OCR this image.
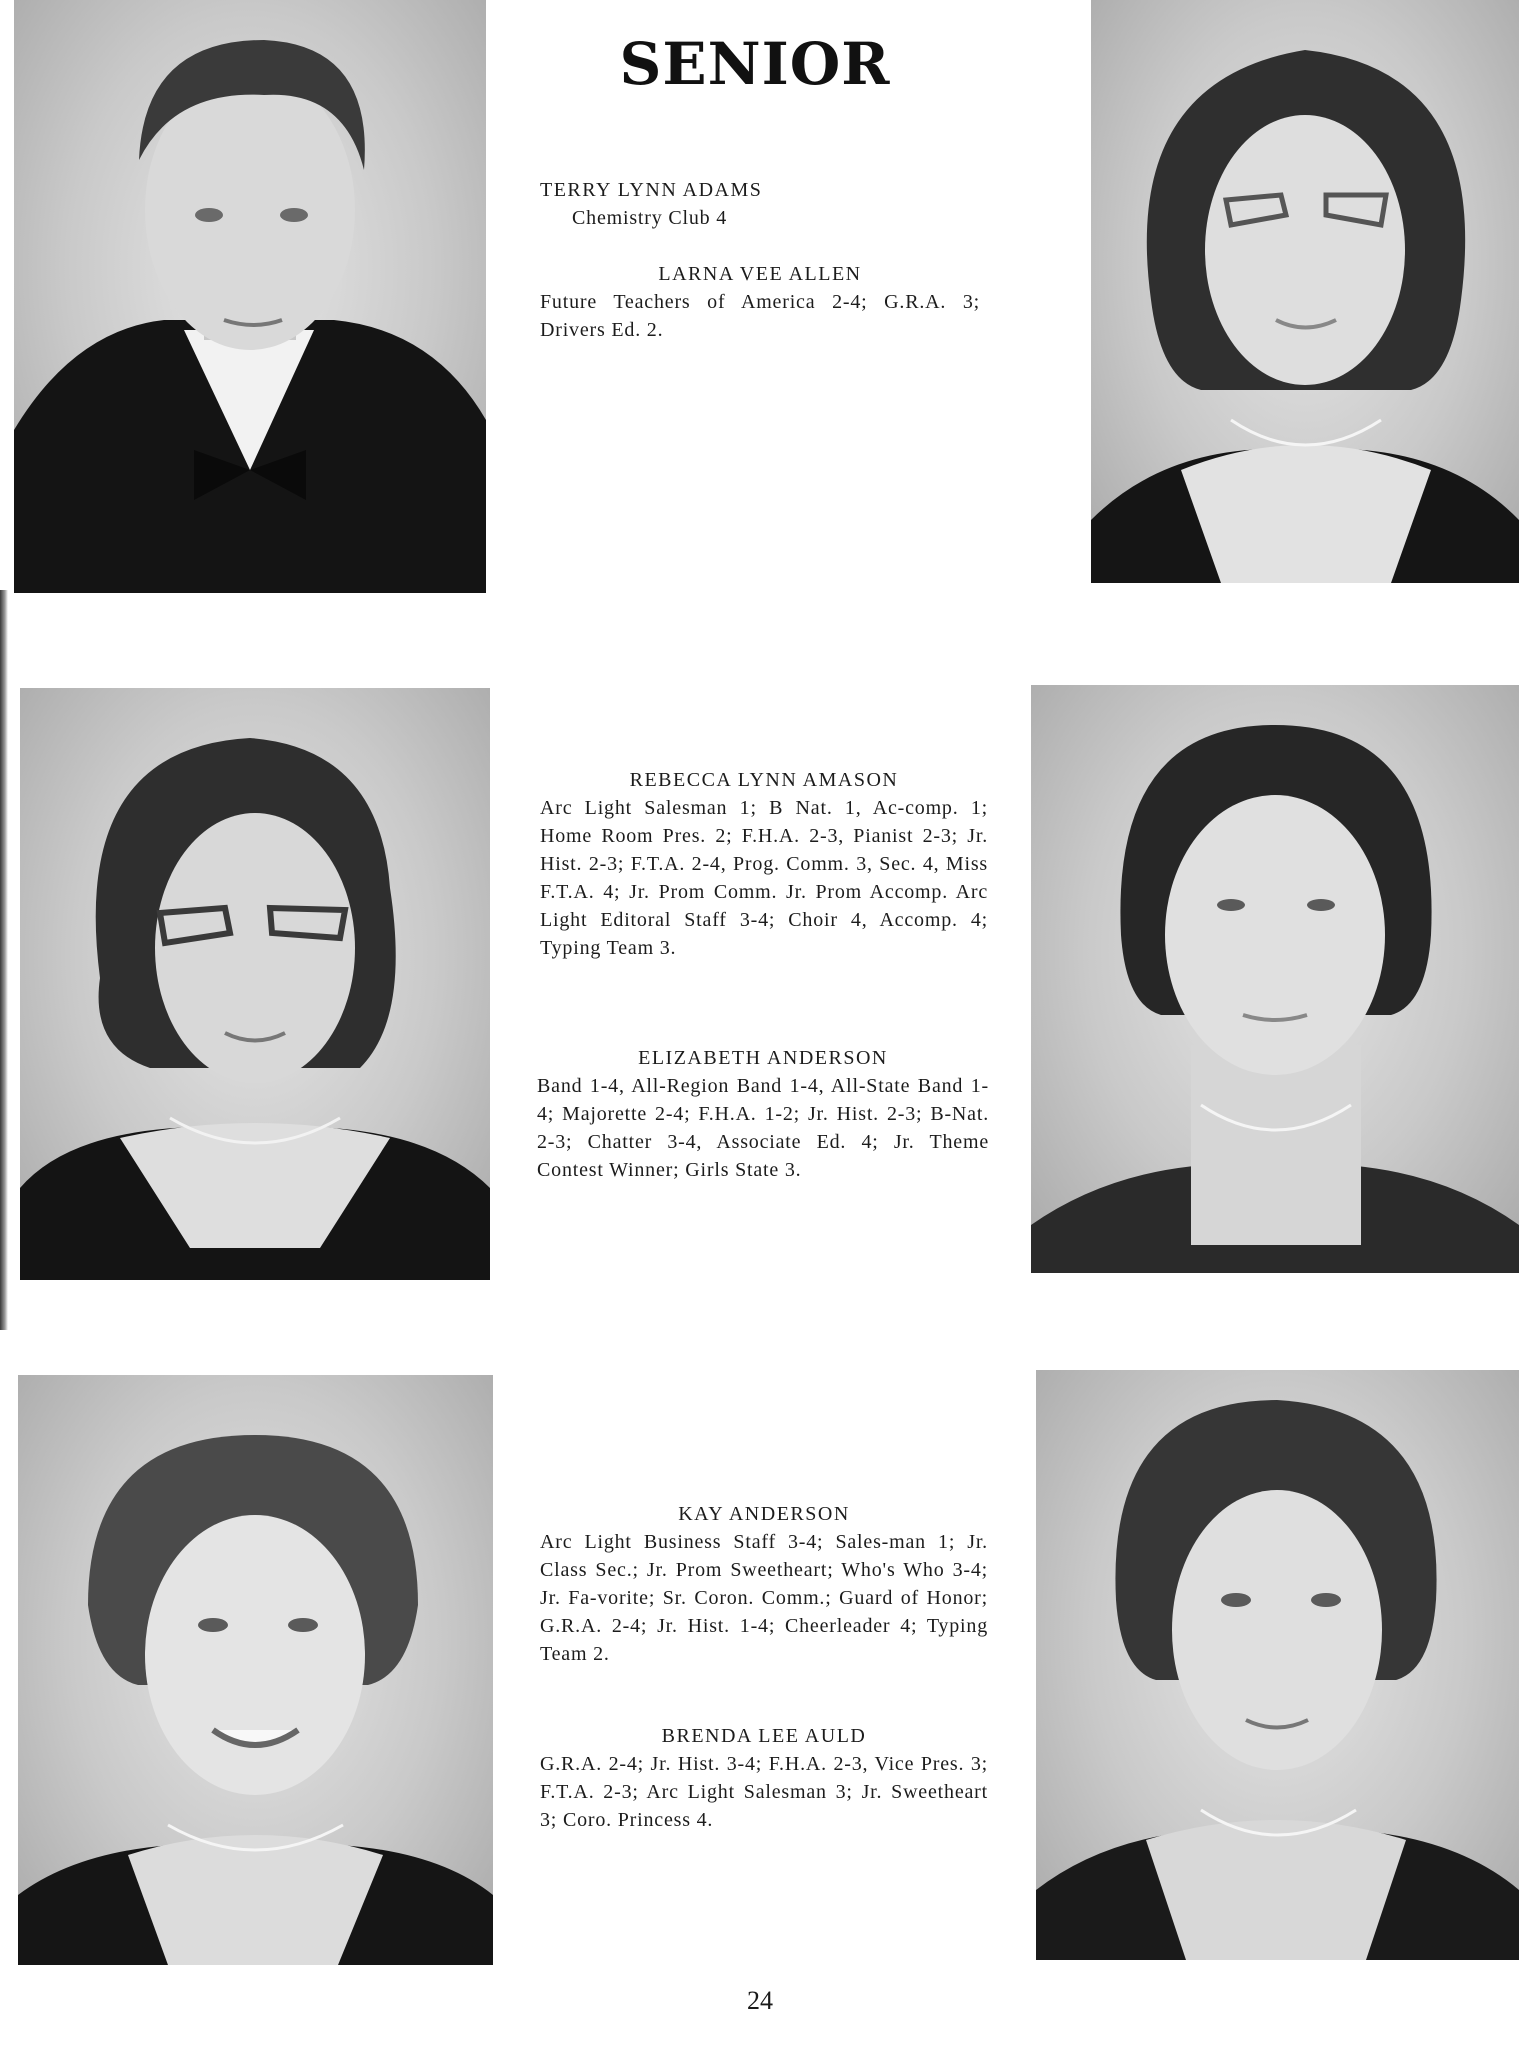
SENIOR
TERRY LYNN ADAMS
Chemistry Club 4
LARNA VEE ALLEN
Future Teachers of America 2-4; G.R.A. 3; Drivers Ed. 2.
REBECCA LYNN AMASON
Arc Light Salesman 1; B Nat. 1, Ac-comp. 1; Home Room Pres. 2; F.H.A. 2-3, Pianist 2-3; Jr. Hist. 2-3; F.T.A. 2-4, Prog. Comm. 3, Sec. 4, Miss F.T.A. 4; Jr. Prom Comm. Jr. Prom Accomp. Arc Light Editoral Staff 3-4; Choir 4, Accomp. 4; Typing Team 3.
ELIZABETH ANDERSON
Band 1-4, All-Region Band 1-4, All-State Band 1-4; Majorette 2-4; F.H.A. 1-2; Jr. Hist. 2-3; B-Nat. 2-3; Chatter 3-4, Associate Ed. 4; Jr. Theme Contest Winner; Girls State 3.
KAY ANDERSON
Arc Light Business Staff 3-4; Sales-man 1; Jr. Class Sec.; Jr. Prom Sweetheart; Who's Who 3-4; Jr. Fa-vorite; Sr. Coron. Comm.; Guard of Honor; G.R.A. 2-4; Jr. Hist. 1-4; Cheerleader 4; Typing Team 2.
BRENDA LEE AULD
G.R.A. 2-4; Jr. Hist. 3-4; F.H.A. 2-3, Vice Pres. 3; F.T.A. 2-3; Arc Light Salesman 3; Jr. Sweetheart 3; Coro. Princess 4.
24
